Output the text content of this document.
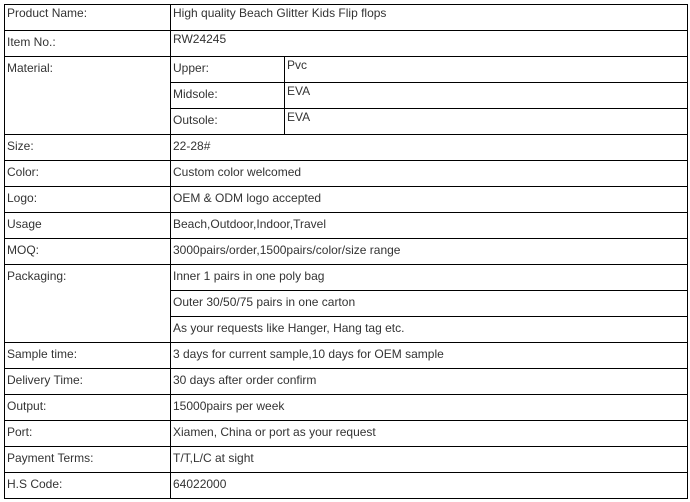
Product Name:	High quality Beach Glitter Kids Flip flops	
Item No.:	RW24245	
Material:	Upper:	Pvc
	Midsole:	EVA
	Outsole:	EVA
Size:	22-28#	
Color:	Custom color welcomed	
Logo:	OEM & ODM logo accepted	
Usage	Beach,Outdoor,Indoor,Travel	
MOQ:	3000pairs/order,1500pairs/color/size range	
Packaging:	Inner 1 pairs in one poly bag	
	Outer 30/50/75 pairs in one carton	
	As your requests like Hanger, Hang tag etc.	
Sample time:	3 days for current sample,10 days for OEM sample	
Delivery Time:	30 days after order confirm	
Output:	15000pairs per week	
Port:	Xiamen, China or port as your request	
Payment Terms:	T/T,L/C at sight	
H.S Code:	64022000	
